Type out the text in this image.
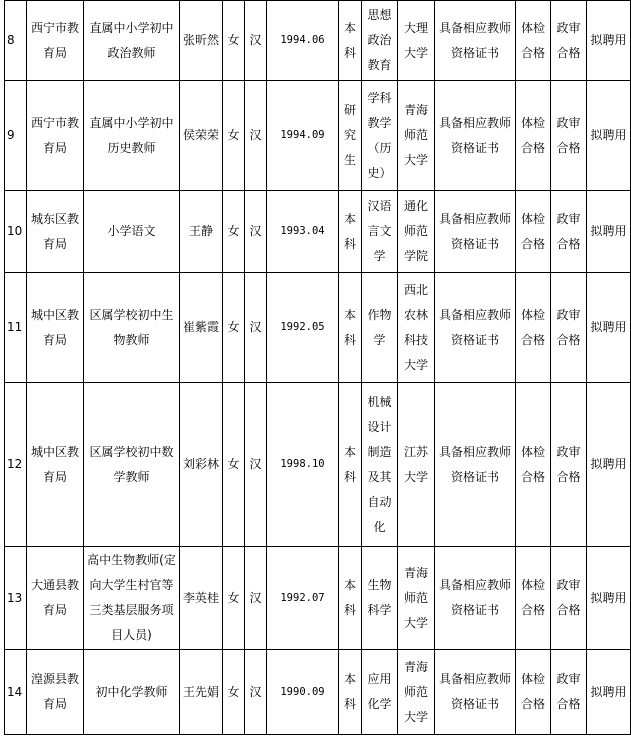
8	西宁市教育局	直属中小学初中政治教师	张昕然	女	汉	1994.06	本科	思想政治教育	大理大学	具备相应教师资格证书	体检合格	政审合格	拟聘用
9	西宁市教育局	直属中小学初中历史教师	侯荣荣	女	汉	1994.09	研究生	学科教学（历史）	青海师范大学	具备相应教师资格证书	体检合格	政审合格	拟聘用
10	城东区教育局	小学语文	王静	女	汉	1993.04	本科	汉语言文学	通化师范学院	具备相应教师资格证书	体检合格	政审合格	拟聘用
11	城中区教育局	区属学校初中生物教师	崔紫霞	女	汉	1992.05	本科	作物学	西北农林科技大学	具备相应教师资格证书	体检合格	政审合格	拟聘用
12	城中区教育局	区属学校初中数学教师	刘彩林	女	汉	1998.10	本科	机械设计制造及其自动化	江苏大学	具备相应教师资格证书	体检合格	政审合格	拟聘用
13	大通县教育局	高中生物教师(定向大学生村官等三类基层服务项目人员)	李英桂	女	汉	1992.07	本科	生物科学	青海师范大学	具备相应教师资格证书	体检合格	政审合格	拟聘用
14	湟源县教育局	初中化学教师	王先娟	女	汉	1990.09	本科	应用化学	青海师范大学	具备相应教师资格证书	体检合格	政审合格	拟聘用
